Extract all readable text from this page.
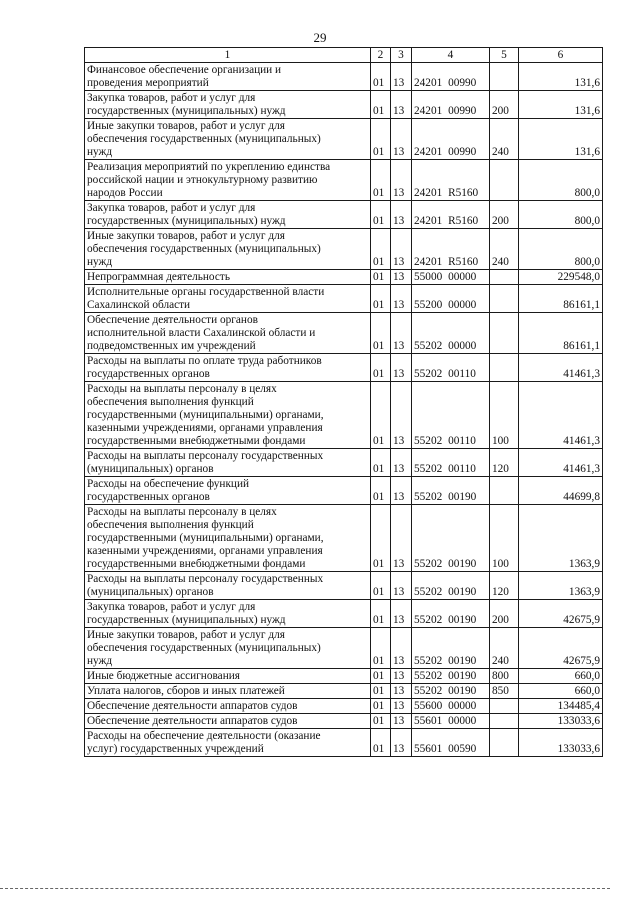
29
1	2	3	4	5	6
Финансовое обеспечение организации и
проведения мероприятий	01	13	24201 00990		131,6
Закупка товаров, работ и услуг для
государственных (муниципальных) нужд	01	13	24201 00990	200	131,6
Иные закупки товаров, работ и услуг для
обеспечения государственных (муниципальных)
нужд	01	13	24201 00990	240	131,6
Реализация мероприятий по укреплению единства
российской нации и этнокультурному развитию
народов России	01	13	24201 R5160		800,0
Закупка товаров, работ и услуг для
государственных (муниципальных) нужд	01	13	24201 R5160	200	800,0
Иные закупки товаров, работ и услуг для
обеспечения государственных (муниципальных)
нужд	01	13	24201 R5160	240	800,0
Непрограммная деятельность	01	13	55000 00000		229548,0
Исполнительные органы государственной власти
Сахалинской области	01	13	55200 00000		86161,1
Обеспечение деятельности органов
исполнительной власти Сахалинской области и
подведомственных им учреждений	01	13	55202 00000		86161,1
Расходы на выплаты по оплате труда работников
государственных органов	01	13	55202 00110		41461,3
Расходы на выплаты персоналу в целях
обеспечения выполнения функций
государственными (муниципальными) органами,
казенными учреждениями, органами управления
государственными внебюджетными фондами	01	13	55202 00110	100	41461,3
Расходы на выплаты персоналу государственных
(муниципальных) органов	01	13	55202 00110	120	41461,3
Расходы на обеспечение функций
государственных органов	01	13	55202 00190		44699,8
Расходы на выплаты персоналу в целях
обеспечения выполнения функций
государственными (муниципальными) органами,
казенными учреждениями, органами управления
государственными внебюджетными фондами	01	13	55202 00190	100	1363,9
Расходы на выплаты персоналу государственных
(муниципальных) органов	01	13	55202 00190	120	1363,9
Закупка товаров, работ и услуг для
государственных (муниципальных) нужд	01	13	55202 00190	200	42675,9
Иные закупки товаров, работ и услуг для
обеспечения государственных (муниципальных)
нужд	01	13	55202 00190	240	42675,9
Иные бюджетные ассигнования	01	13	55202 00190	800	660,0
Уплата налогов, сборов и иных платежей	01	13	55202 00190	850	660,0
Обеспечение деятельности аппаратов судов	01	13	55600 00000		134485,4
Обеспечение деятельности аппаратов судов	01	13	55601 00000		133033,6
Расходы на обеспечение деятельности (оказание
услуг) государственных учреждений	01	13	55601 00590		133033,6
